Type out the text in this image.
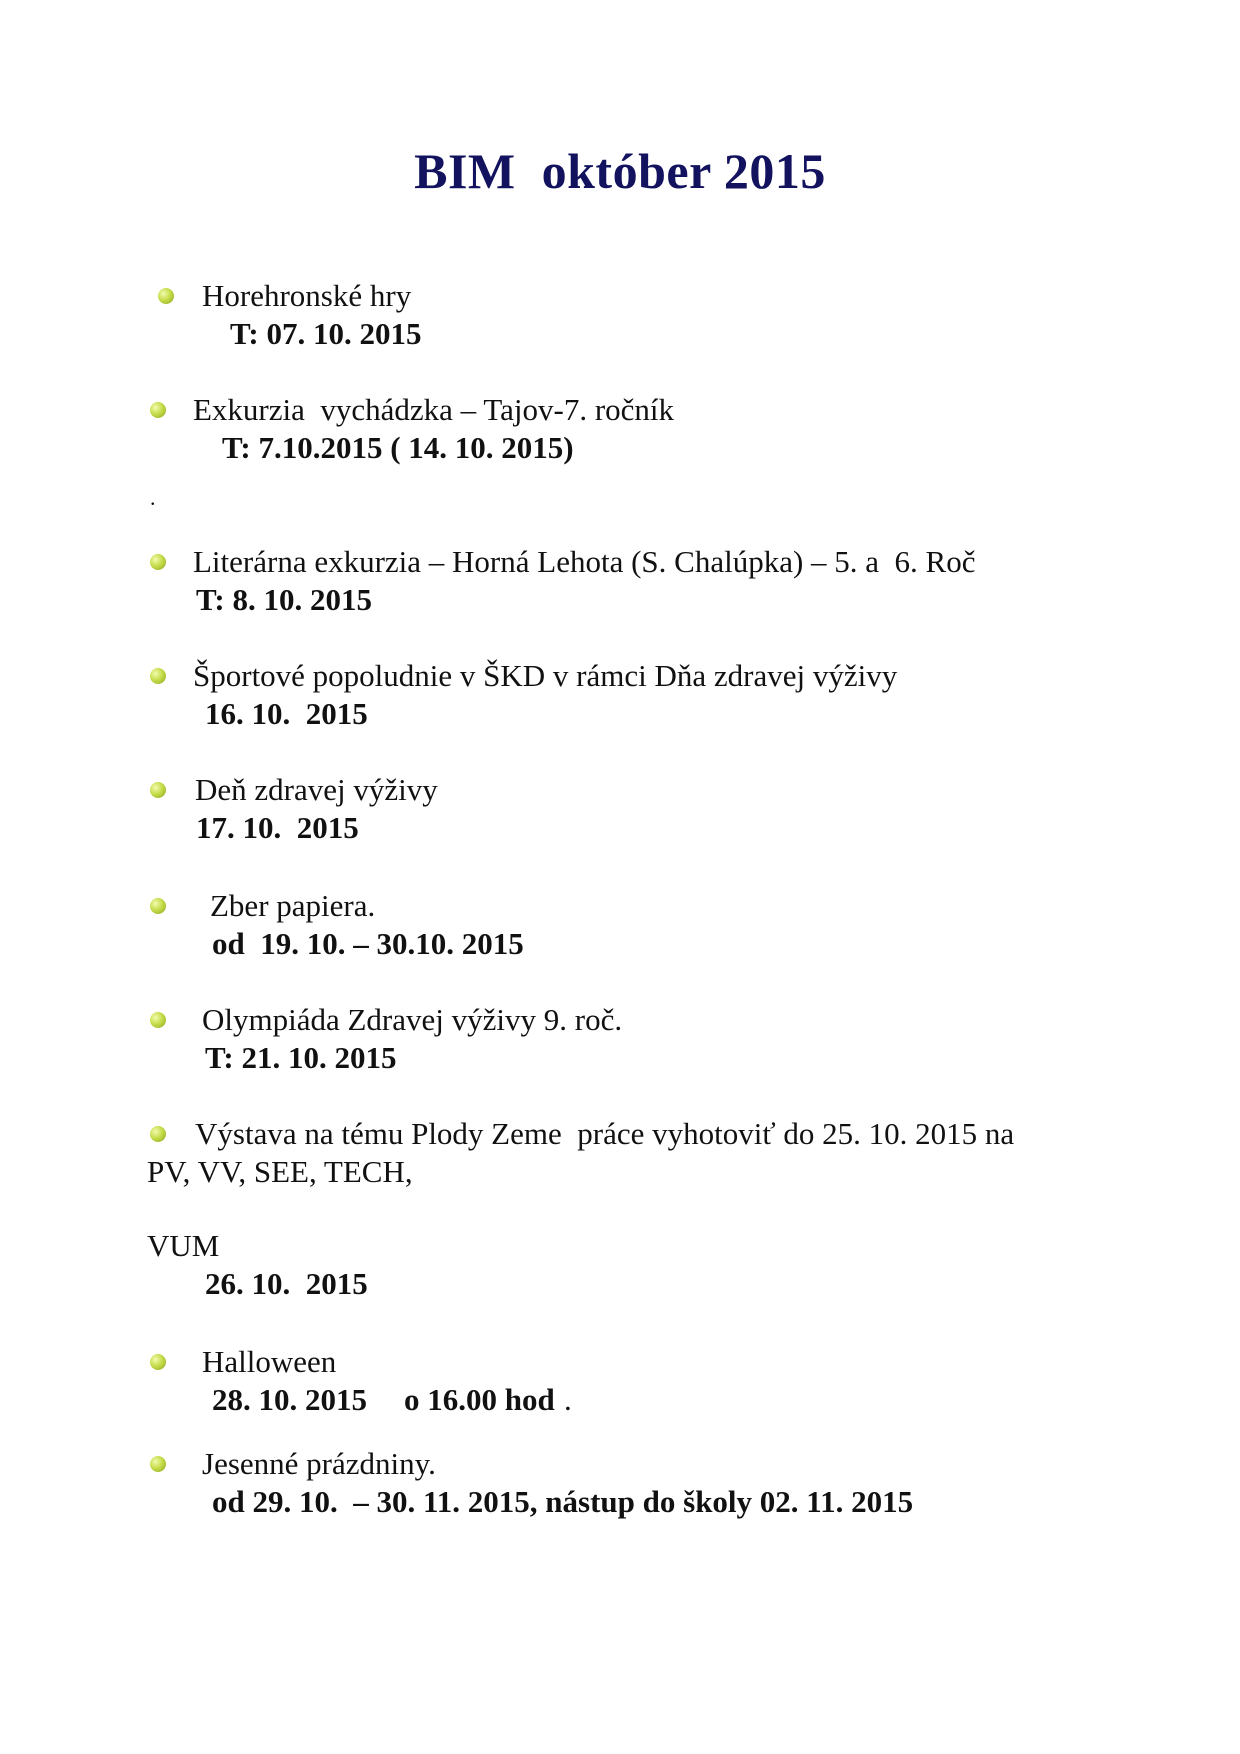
BIM  október 2015
Horehronské hry
T: 07. 10. 2015
Exkurzia  vychádzka – Tajov-7. ročník
T: 7.10.2015 ( 14. 10. 2015)
.
Literárna exkurzia – Horná Lehota (S. Chalúpka) – 5. a  6. Roč
T: 8. 10. 2015
Športové popoludnie v ŠKD v rámci Dňa zdravej výživy
16. 10.  2015
Deň zdravej výživy
17. 10.  2015
Zber papiera.
od  19. 10. – 30.10. 2015
Olympiáda Zdravej výživy 9. roč.
T: 21. 10. 2015
Výstava na tému Plody Zeme  práce vyhotoviť do 25. 10. 2015 na
PV, VV, SEE, TECH,
VUM
26. 10.  2015
Halloween
28. 10. 2015 o 16.00 hod .
Jesenné prázdniny.
od 29. 10.  – 30. 11. 2015, nástup do školy 02. 11. 2015
